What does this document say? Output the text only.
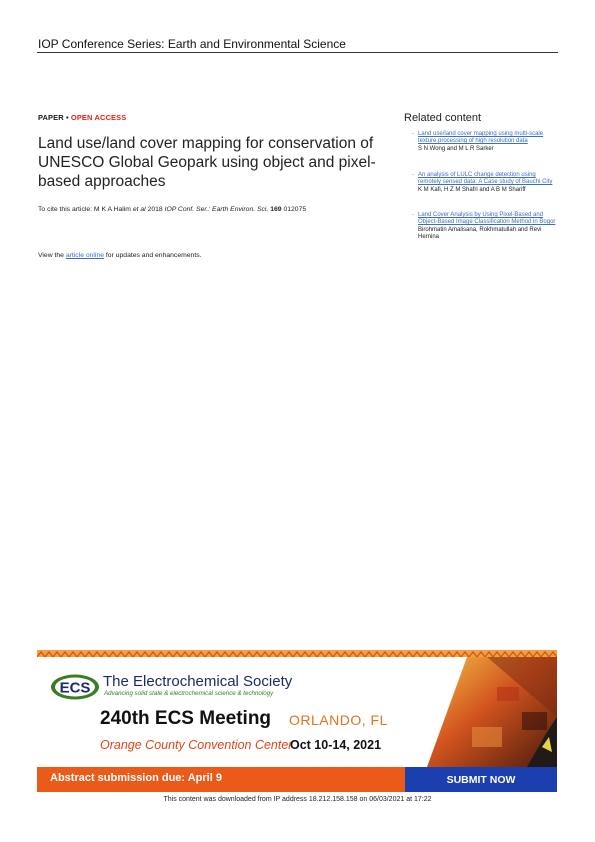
IOP Conference Series: Earth and Environmental Science
PAPER • OPEN ACCESS
Land use/land cover mapping for conservation of UNESCO Global Geopark using object and pixel-based approaches
To cite this article: M K A Halim et al 2018 IOP Conf. Ser.: Earth Environ. Sci. 169 012075
View the article online for updates and enhancements.
Related content
- Land use/land cover mapping using multi-scale texture processing of high resolution data
S N Wong and M L R Sarker
- An analysis of LULC change detection using remotely sensed data: A Case study of Bauchi City
K M Kafi, H Z M Shafri and A B M Shariff
- Land Cover Analysis by Using Pixel-Based and Object-Based Image Classification Method in Bogor
Birohmatin Amalisana, Rokhmatullah and Revi Hernina
ECS The Electrochemical Society
Advancing solid state & electrochemical science & technology
240th ECS Meeting ORLANDO, FL
Orange County Convention Center
Oct 10-14, 2021
Abstract submission due: April 9	SUBMIT NOW
This content was downloaded from IP address 18.212.158.158 on 06/03/2021 at 17:22
